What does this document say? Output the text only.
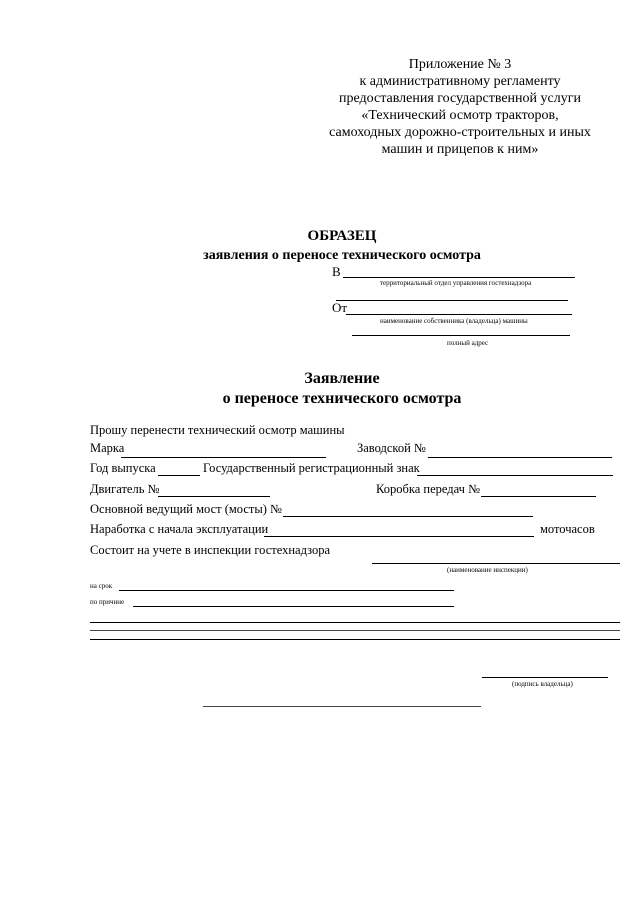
Приложение № 3
к административному регламенту
предоставления государственной услуги
«Технический осмотр тракторов,
самоходных дорожно-строительных и иных
машин и прицепов к ним»
ОБРАЗЕЦ
заявления о переносе технического осмотра
В
территориальный отдел управления гостехнадзора
От
наименование собственника (владельца) машины
полный адрес
Заявление
о переносе технического осмотра
Прошу перенести технический осмотр машины
Марка	Заводской №
Год выпуска	Государственный регистрационный знак
Двигатель №	Коробка передач №
Основной ведущий мост (мосты) №
Наработка с начала эксплуатации	моточасов
Состоит на учете в инспекции гостехнадзора
(наименование инспекции)
на срок
по причине
(подпись владельца)
